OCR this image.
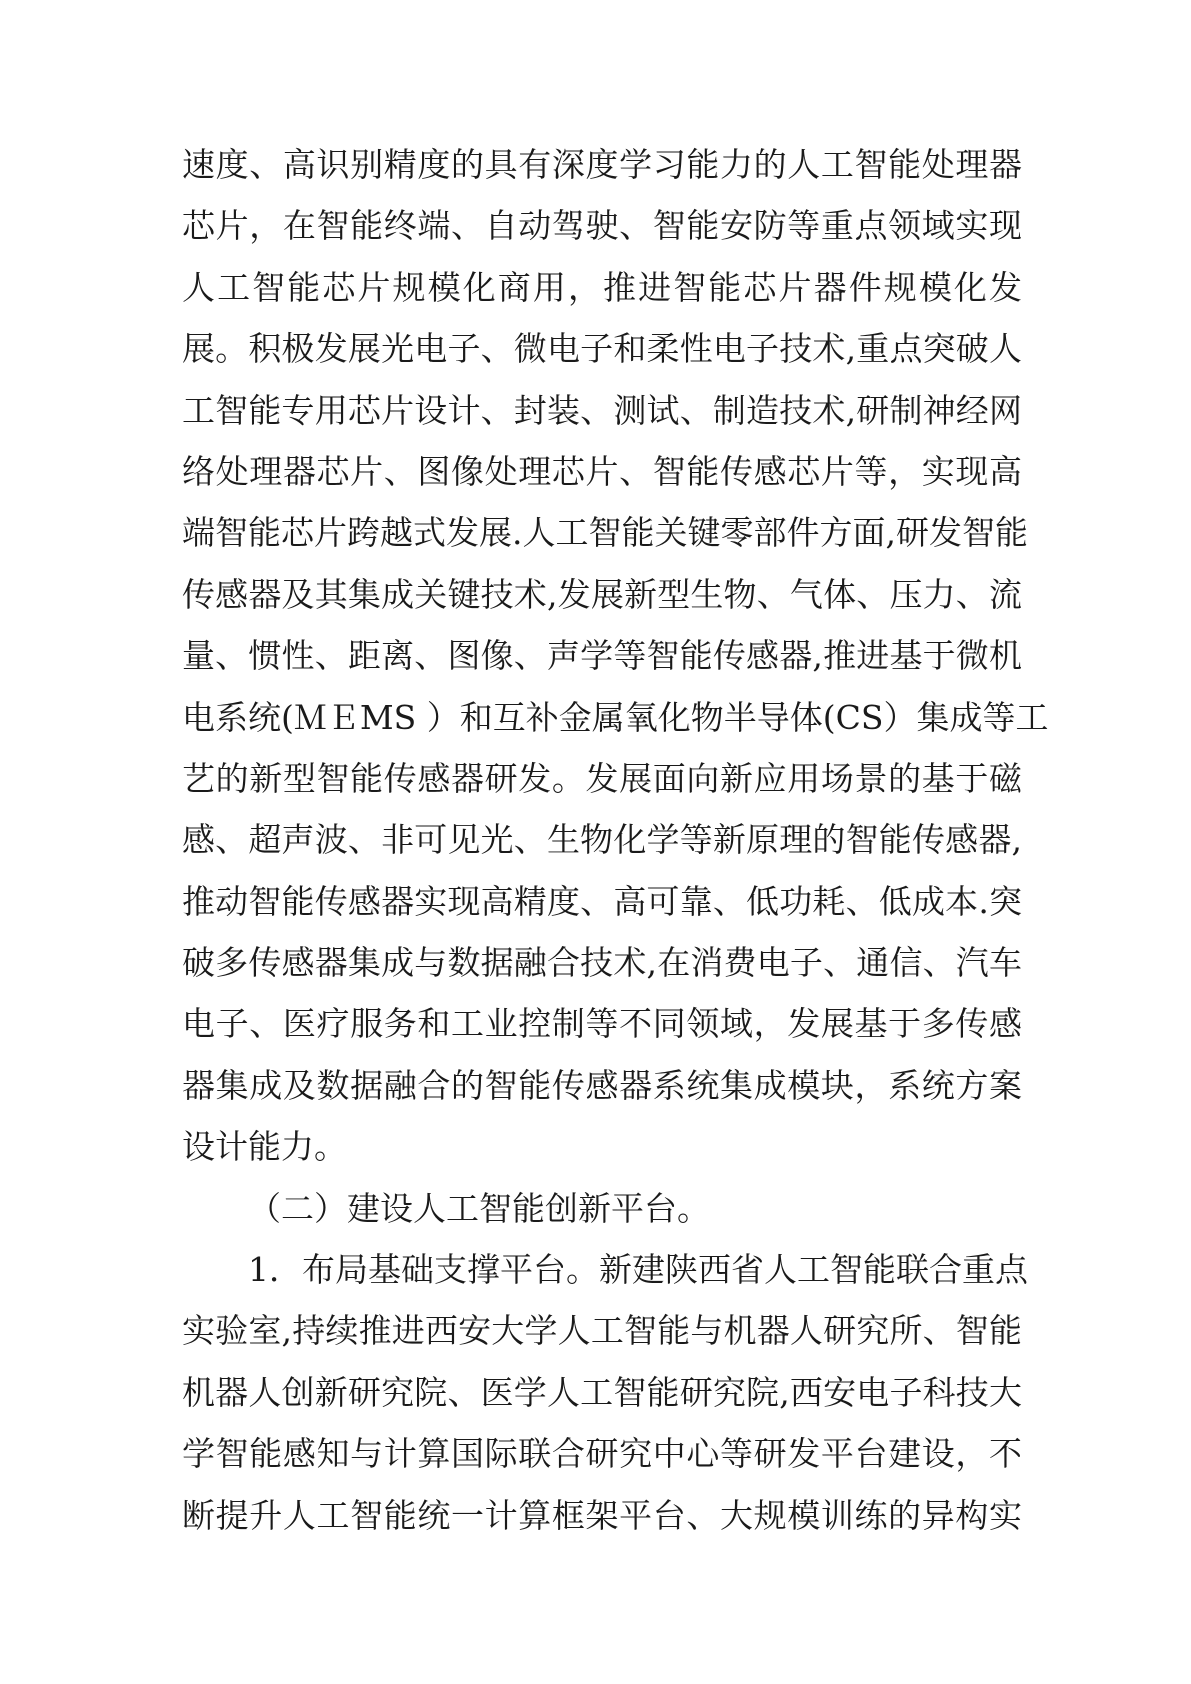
速度、高识别精度的具有深度学习能力的人工智能处理器
芯片，在智能终端、自动驾驶、智能安防等重点领域实现
人工智能芯片规模化商用，推进智能芯片器件规模化发
展。积极发展光电子、微电子和柔性电子技术,重点突破人
工智能专用芯片设计、封装、测试、制造技术,研制神经网
络处理器芯片、图像处理芯片、智能传感芯片等，实现高
端智能芯片跨越式发展.人工智能关键零部件方面,研发智能
传感器及其集成关键技术,发展新型生物、气体、压力、流
量、惯性、距离、图像、声学等智能传感器,推进基于微机
电系统(ＭＥMS ）和互补金属氧化物半导体(CS）集成等工
艺的新型智能传感器研发。发展面向新应用场景的基于磁
感、超声波、非可见光、生物化学等新原理的智能传感器,
推动智能传感器实现高精度、高可靠、低功耗、低成本.突
破多传感器集成与数据融合技术,在消费电子、通信、汽车
电子、医疗服务和工业控制等不同领域，发展基于多传感
器集成及数据融合的智能传感器系统集成模块，系统方案
设计能力。
（二）建设人工智能创新平台。
1．布局基础支撑平台。新建陕西省人工智能联合重点
实验室,持续推进西安大学人工智能与机器人研究所、智能
机器人创新研究院、医学人工智能研究院,西安电子科技大
学智能感知与计算国际联合研究中心等研发平台建设，不
断提升人工智能统一计算框架平台、大规模训练的异构实
